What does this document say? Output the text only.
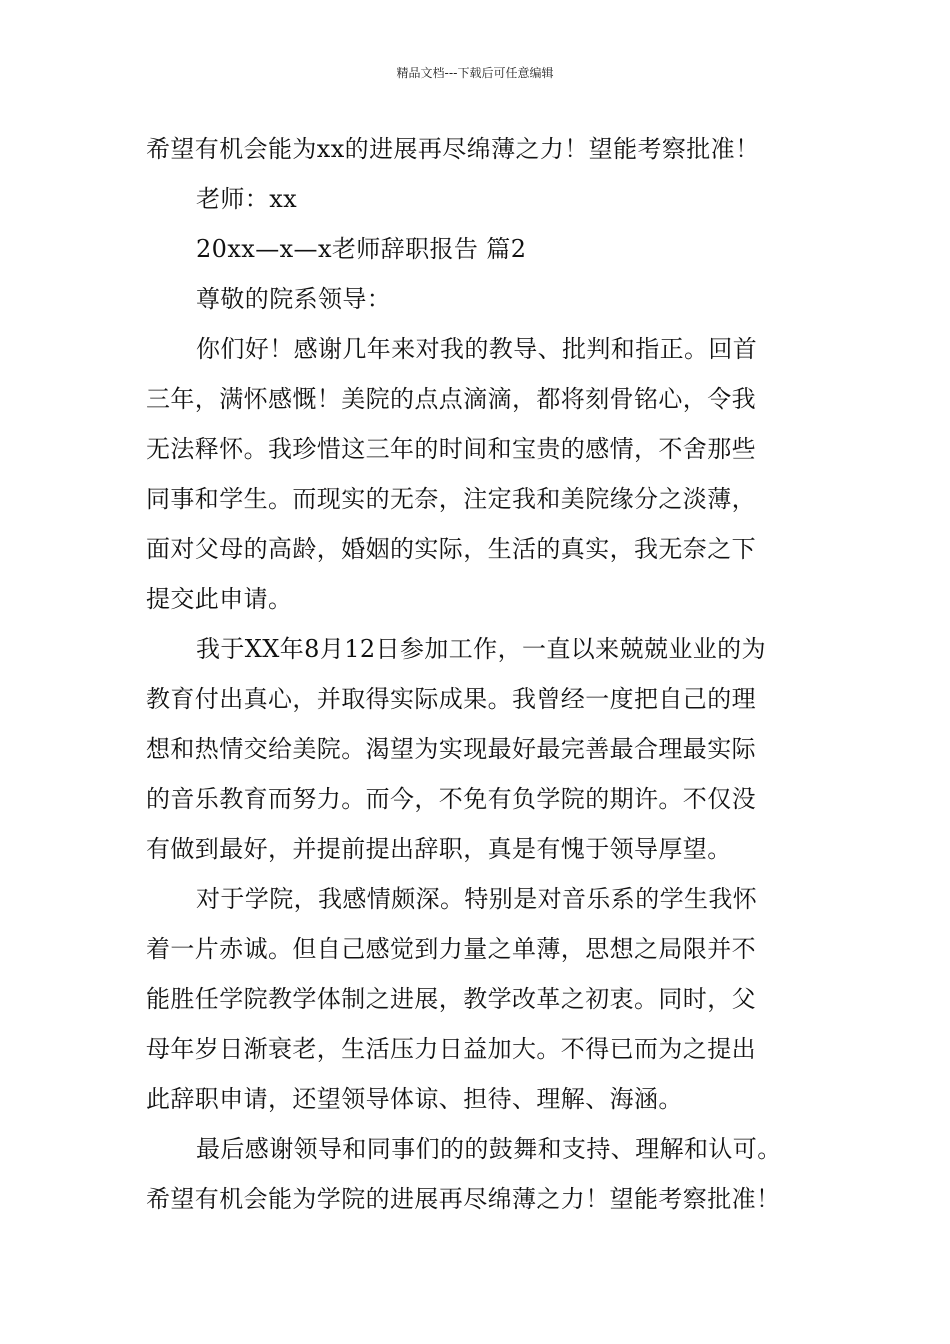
精品文档---下载后可任意编辑
希望有机会能为xx的进展再尽绵薄之力！望能考察批准！
老师：xx
20xx—x—x老师辞职报告 篇2
尊敬的院系领导：
你们好！感谢几年来对我的教导、批判和指正。回首
三年，满怀感慨！美院的点点滴滴，都将刻骨铭心，令我
无法释怀。我珍惜这三年的时间和宝贵的感情，不舍那些
同事和学生。而现实的无奈，注定我和美院缘分之淡薄，
面对父母的高龄，婚姻的实际，生活的真实，我无奈之下
提交此申请。
我于XX年8月12日参加工作，一直以来兢兢业业的为
教育付出真心，并取得实际成果。我曾经一度把自己的理
想和热情交给美院。渴望为实现最好最完善最合理最实际
的音乐教育而努力。而今，不免有负学院的期许。不仅没
有做到最好，并提前提出辞职，真是有愧于领导厚望。
对于学院，我感情颇深。特别是对音乐系的学生我怀
着一片赤诚。但自己感觉到力量之单薄，思想之局限并不
能胜任学院教学体制之进展，教学改革之初衷。同时，父
母年岁日渐衰老，生活压力日益加大。不得已而为之提出
此辞职申请，还望领导体谅、担待、理解、海涵。
最后感谢领导和同事们的的鼓舞和支持、理解和认可。
希望有机会能为学院的进展再尽绵薄之力！望能考察批准！
